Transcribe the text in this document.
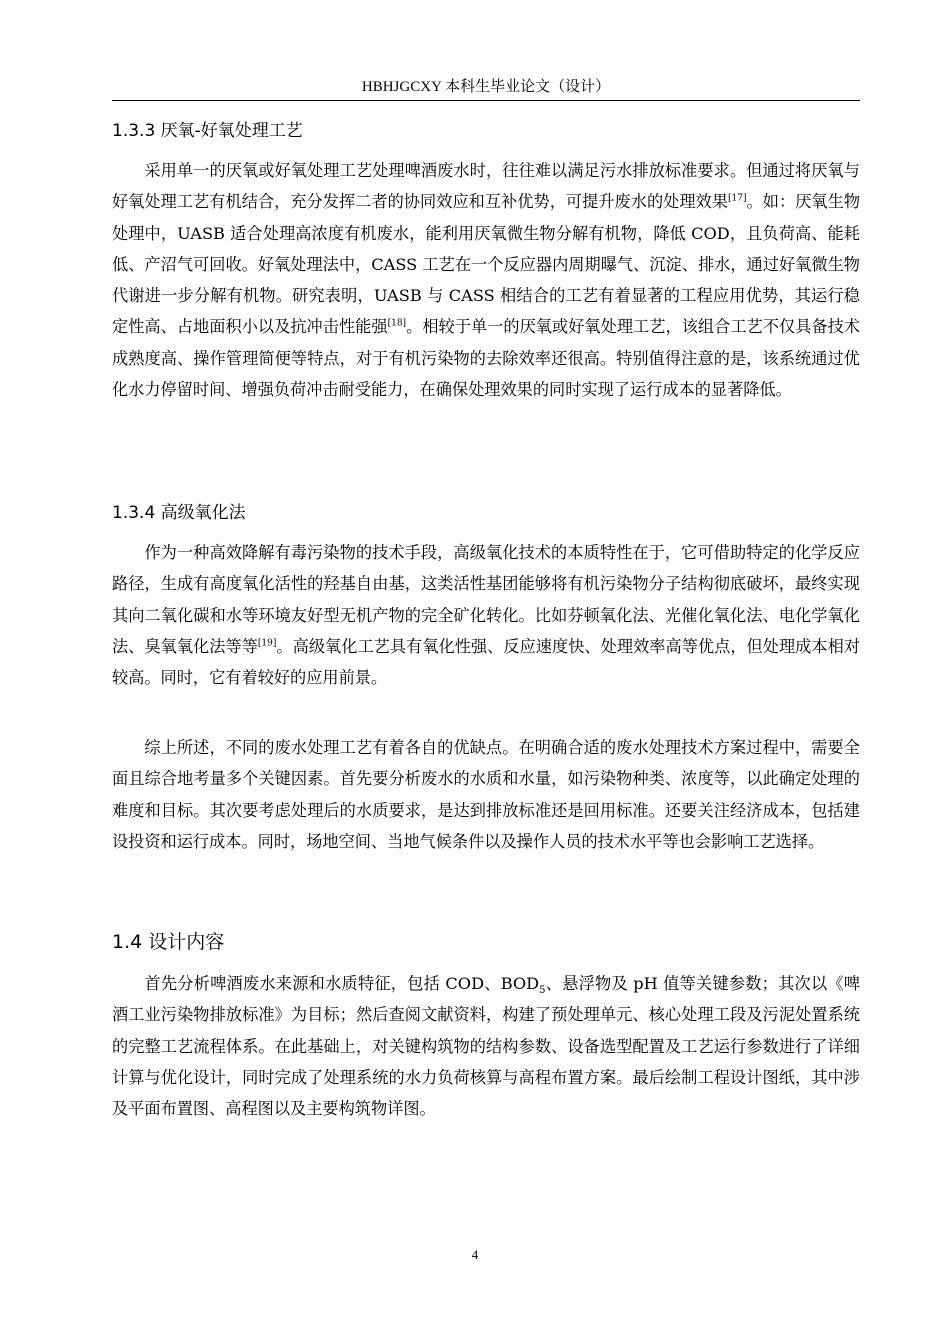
HBHJGCXY 本科生毕业论文（设计）
1.3.3 厌氧-好氧处理工艺

采用单一的厌氧或好氧处理工艺处理啤酒废水时，往往难以满足污水排放标准要求。但通过将厌氧与好氧处理工艺有机结合，充分发挥二者的协同效应和互补优势，可提升废水的处理效果[17]。如：厌氧生物处理中，UASB 适合处理高浓度有机废水，能利用厌氧微生物分解有机物，降低 COD，且负荷高、能耗低、产沼气可回收。好氧处理法中，CASS 工艺在一个反应器内周期曝气、沉淀、排水，通过好氧微生物代谢进一步分解有机物。研究表明，UASB 与 CASS 相结合的工艺有着显著的工程应用优势，其运行稳定性高、占地面积小以及抗冲击性能强[18]。相较于单一的厌氧或好氧处理工艺，该组合工艺不仅具备技术成熟度高、操作管理简便等特点，对于有机污染物的去除效率还很高。特别值得注意的是，该系统通过优化水力停留时间、增强负荷冲击耐受能力，在确保处理效果的同时实现了运行成本的显著降低。

1.3.4 高级氧化法

作为一种高效降解有毒污染物的技术手段，高级氧化技术的本质特性在于，它可借助特定的化学反应路径，生成有高度氧化活性的羟基自由基，这类活性基团能够将有机污染物分子结构彻底破坏，最终实现其向二氧化碳和水等环境友好型无机产物的完全矿化转化。比如芬顿氧化法、光催化氧化法、电化学氧化法、臭氧氧化法等等[19]。高级氧化工艺具有氧化性强、反应速度快、处理效率高等优点，但处理成本相对较高。同时，它有着较好的应用前景。

综上所述，不同的废水处理工艺有着各自的优缺点。在明确合适的废水处理技术方案过程中，需要全面且综合地考量多个关键因素。首先要分析废水的水质和水量，如污染物种类、浓度等，以此确定处理的难度和目标。其次要考虑处理后的水质要求，是达到排放标准还是回用标准。还要关注经济成本，包括建设投资和运行成本。同时，场地空间、当地气候条件以及操作人员的技术水平等也会影响工艺选择。

1.4 设计内容

首先分析啤酒废水来源和水质特征，包括 COD、$BOD_5$、悬浮物及 pH 值等关键参数；其次以《啤酒工业污染物排放标准》为目标；然后查阅文献资料，构建了预处理单元、核心处理工段及污泥处置系统的完整工艺流程体系。在此基础上，对关键构筑物的结构参数、设备选型配置及工艺运行参数进行了详细计算与优化设计，同时完成了处理系统的水力负荷核算与高程布置方案。最后绘制工程设计图纸，其中涉及平面布置图、高程图以及主要构筑物详图。

4
